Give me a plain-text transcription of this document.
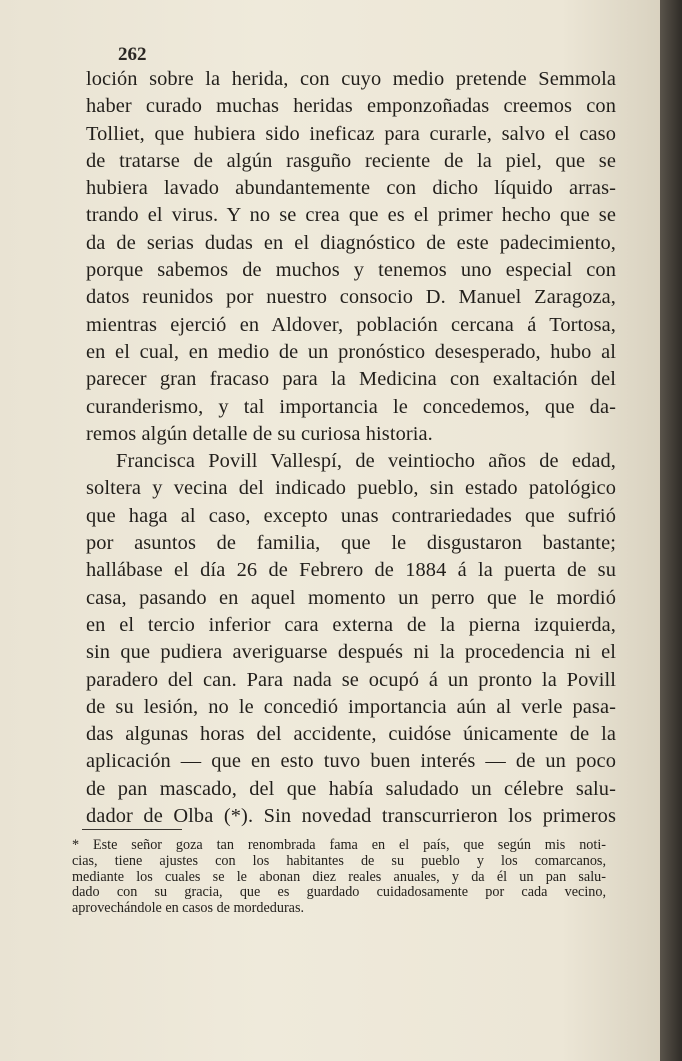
262
loción sobre la herida, con cuyo medio pretende Semmola
haber curado muchas heridas emponzoñadas creemos con
Tolliet, que hubiera sido ineficaz para curarle, salvo el caso
de tratarse de algún rasguño reciente de la piel, que se
hubiera lavado abundantemente con dicho líquido arras-
trando el virus. Y no se crea que es el primer hecho que se
da de serias dudas en el diagnóstico de este padecimiento,
porque sabemos de muchos y tenemos uno especial con
datos reunidos por nuestro consocio D. Manuel Zaragoza,
mientras ejerció en Aldover, población cercana á Tortosa,
en el cual, en medio de un pronóstico desesperado, hubo al
parecer gran fracaso para la Medicina con exaltación del
curanderismo, y tal importancia le concedemos, que da-
remos algún detalle de su curiosa historia.
Francisca Povill Vallespí, de veintiocho años de edad,
soltera y vecina del indicado pueblo, sin estado patológico
que haga al caso, excepto unas contrariedades que sufrió
por asuntos de familia, que le disgustaron bastante;
hallábase el día 26 de Febrero de 1884 á la puerta de su
casa, pasando en aquel momento un perro que le mordió
en el tercio inferior cara externa de la pierna izquierda,
sin que pudiera averiguarse después ni la procedencia ni el
paradero del can. Para nada se ocupó á un pronto la Povill
de su lesión, no le concedió importancia aún al verle pasa-
das algunas horas del accidente, cuidóse únicamente de la
aplicación — que en esto tuvo buen interés — de un poco
de pan mascado, del que había saludado un célebre salu-
dador de Olba (*). Sin novedad transcurrieron los primeros
* Este señor goza tan renombrada fama en el país, que según mis noti-
cias, tiene ajustes con los habitantes de su pueblo y los comarcanos,
mediante los cuales se le abonan diez reales anuales, y da él un pan salu-
dado con su gracia, que es guardado cuidadosamente por cada vecino,
aprovechándole en casos de mordeduras.
